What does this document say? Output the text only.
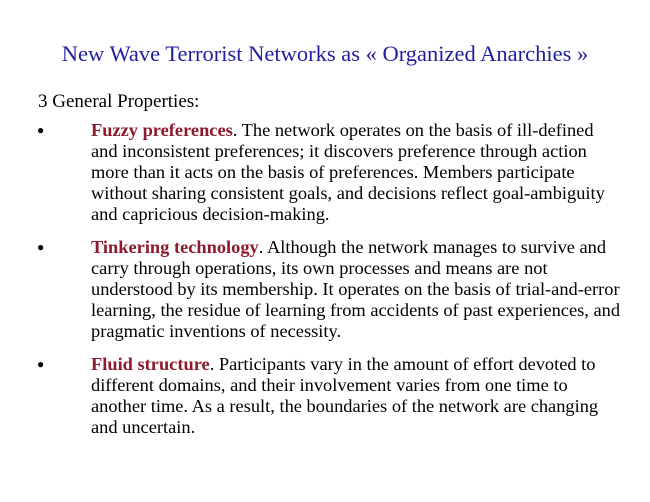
New Wave Terrorist Networks as « Organized Anarchies »
3 General Properties:
●	Fuzzy preferences. The network operates on the basis of ill-defined and inconsistent preferences; it discovers preference through action more than it acts on the basis of preferences. Members participate without sharing consistent goals, and decisions reflect goal-ambiguity and capricious decision-making.
●	Tinkering technology. Although the network manages to survive and carry through operations, its own processes and means are not understood by its membership. It operates on the basis of trial-and-error learning, the residue of learning from accidents of past experiences, and pragmatic inventions of necessity.
●	Fluid structure. Participants vary in the amount of effort devoted to different domains, and their involvement varies from one time to another time. As a result, the boundaries of the network are changing and uncertain.
